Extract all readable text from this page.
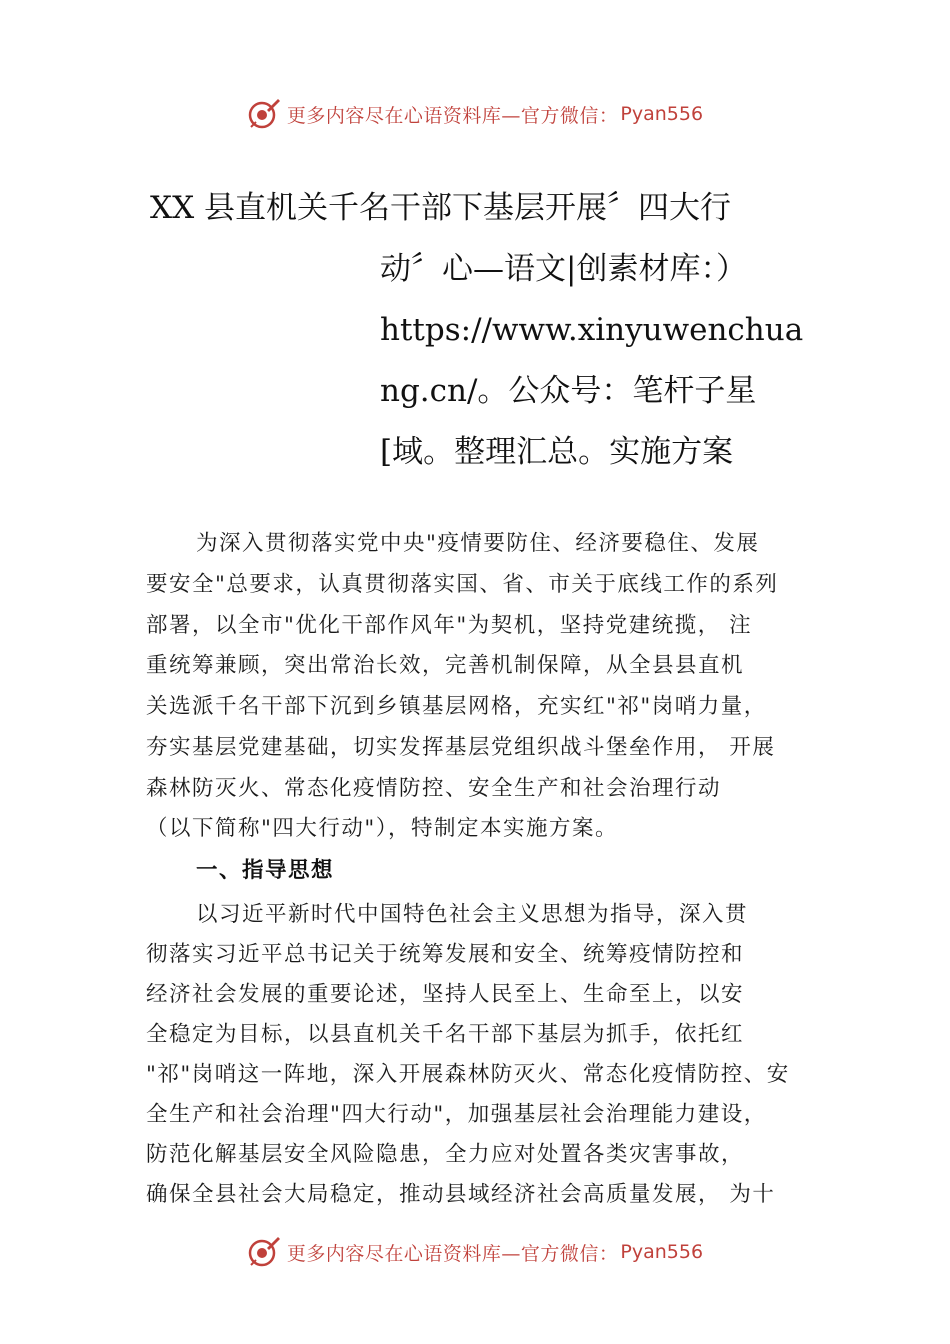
更多内容尽在心语资料库—官方微信： Pyan556
XX 县直机关千名干部下基层开展〞四大行
动〞心—语文|创素材库：）
https://www.xinyuwenchua
ng.cn/。公众号：笔杆子星
[域。整理汇总。实施方案
为深入贯彻落实党中央"疫情要防住、经济要稳住、发展
要安全"总要求，认真贯彻落实国、省、市关于底线工作的系列
部署，以全市"优化干部作风年"为契机，坚持党建统揽， 注
重统筹兼顾，突出常治长效，完善机制保障，从全县县直机
关选派千名干部下沉到乡镇基层网格，充实红"祁"岗哨力量，
夯实基层党建基础，切实发挥基层党组织战斗堡垒作用， 开展
森林防灭火、常态化疫情防控、安全生产和社会治理行动
（以下简称"四大行动"），特制定本实施方案。
一、指导思想
以习近平新时代中国特色社会主义思想为指导，深入贯
彻落实习近平总书记关于统筹发展和安全、统筹疫情防控和
经济社会发展的重要论述，坚持人民至上、生命至上，以安
全稳定为目标，以县直机关千名干部下基层为抓手，依托红
"祁"岗哨这一阵地，深入开展森林防灭火、常态化疫情防控、安
全生产和社会治理"四大行动"，加强基层社会治理能力建设，
防范化解基层安全风险隐患，全力应对处置各类灾害事故，
确保全县社会大局稳定，推动县域经济社会高质量发展， 为十
更多内容尽在心语资料库—官方微信： Pyan556
